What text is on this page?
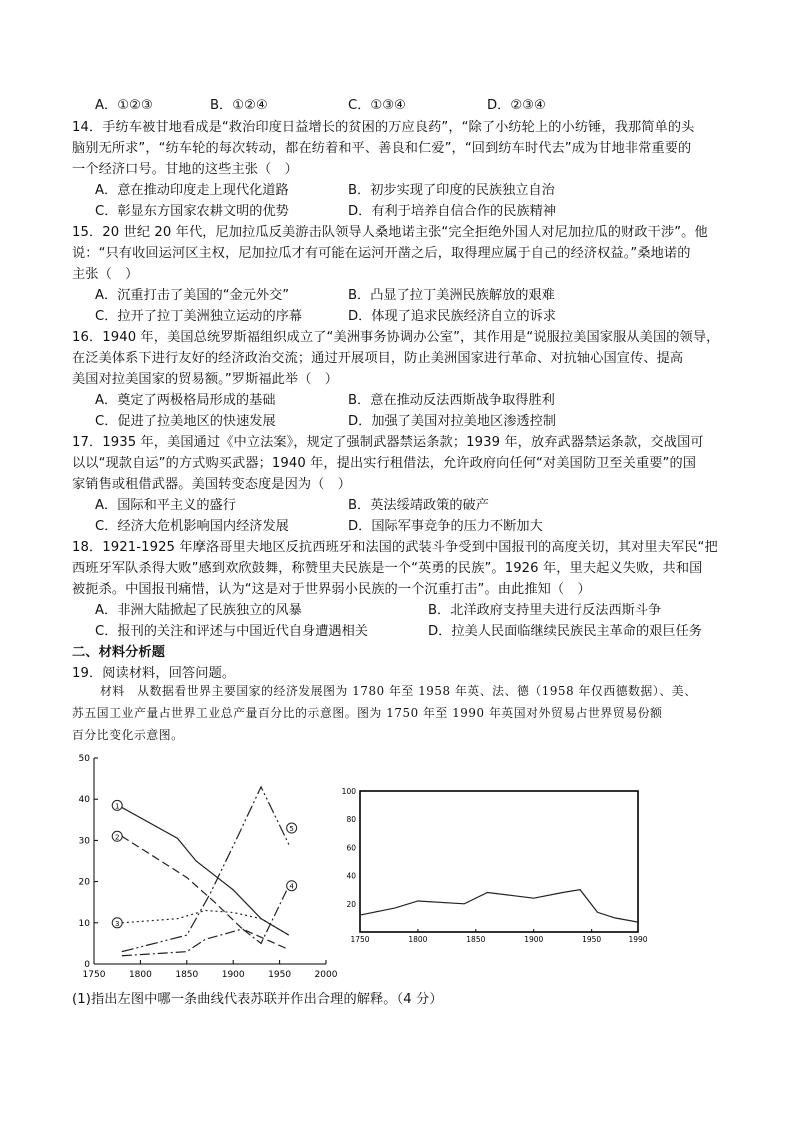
A．①②③	B．①②④	C．①③④	D．②③④
14．手纺车被甘地看成是“救治印度日益增长的贫困的万应良药”，“除了小纺轮上的小纺锤，我那简单的头
脑别无所求”，“纺车轮的每次转动，都在纺着和平、善良和仁爱”，“回到纺车时代去”成为甘地非常重要的
一个经济口号。甘地的这些主张（　）
A．意在推动印度走上现代化道路	B．初步实现了印度的民族独立自治
C．彰显东方国家农耕文明的优势	D．有利于培养自信合作的民族精神
15．20 世纪 20 年代，尼加拉瓜反美游击队领导人桑地诺主张“完全拒绝外国人对尼加拉瓜的财政干涉”。他
说：“只有收回运河区主权，尼加拉瓜才有可能在运河开凿之后，取得理应属于自己的经济权益。”桑地诺的
主张（　）
A．沉重打击了美国的“金元外交”	B．凸显了拉丁美洲民族解放的艰难
C．拉开了拉丁美洲独立运动的序幕	D．体现了追求民族经济自立的诉求
16．1940 年，美国总统罗斯福组织成立了“美洲事务协调办公室”，其作用是“说服拉美国家服从美国的领导，
在泛美体系下进行友好的经济政治交流；通过开展项目，防止美洲国家进行革命、对抗轴心国宣传、提高
美国对拉美国家的贸易额。”罗斯福此举（　）
A．奠定了两极格局形成的基础	B．意在推动反法西斯战争取得胜利
C．促进了拉美地区的快速发展	D．加强了美国对拉美地区渗透控制
17．1935 年，美国通过《中立法案》，规定了强制武器禁运条款；1939 年，放弃武器禁运条款，交战国可
以以“现款自运”的方式购买武器；1940 年，提出实行租借法，允许政府向任何“对美国防卫至关重要”的国
家销售或租借武器。美国转变态度是因为（　）
A．国际和平主义的盛行	B．英法绥靖政策的破产
C．经济大危机影响国内经济发展	D．国际军事竞争的压力不断加大
18．1921-1925 年摩洛哥里夫地区反抗西班牙和法国的武装斗争受到中国报刊的高度关切，其对里夫军民“把
西班牙军队杀得大败”感到欢欣鼓舞，称赞里夫民族是一个“英勇的民族”。1926 年，里夫起义失败，共和国
被扼杀。中国报刊痛惜，认为“这是对于世界弱小民族的一个沉重打击”。由此推知（　）
A．非洲大陆掀起了民族独立的风暴	B．北洋政府支持里夫进行反法西斯斗争
C．报刊的关注和评述与中国近代自身遭遇相关	D．拉美人民面临继续民族民主革命的艰巨任务
二、材料分析题
19．阅读材料，回答问题。
材料　从数据看世界主要国家的经济发展图为 1780 年至 1958 年英、法、德（1958 年仅西德数据）、美、
苏五国工业产量占世界工业总产量百分比的示意图。图为 1750 年至 1990 年英国对外贸易占世界贸易份额
百分比变化示意图。
0
10
20
30
40
50
1750	1800	1850	1900	1950	2000
1
2
3
4
5
20
40
60
80
100
1750	1800	1850	1900	1950	1990
(1)指出左图中哪一条曲线代表苏联并作出合理的解释。（4 分）
